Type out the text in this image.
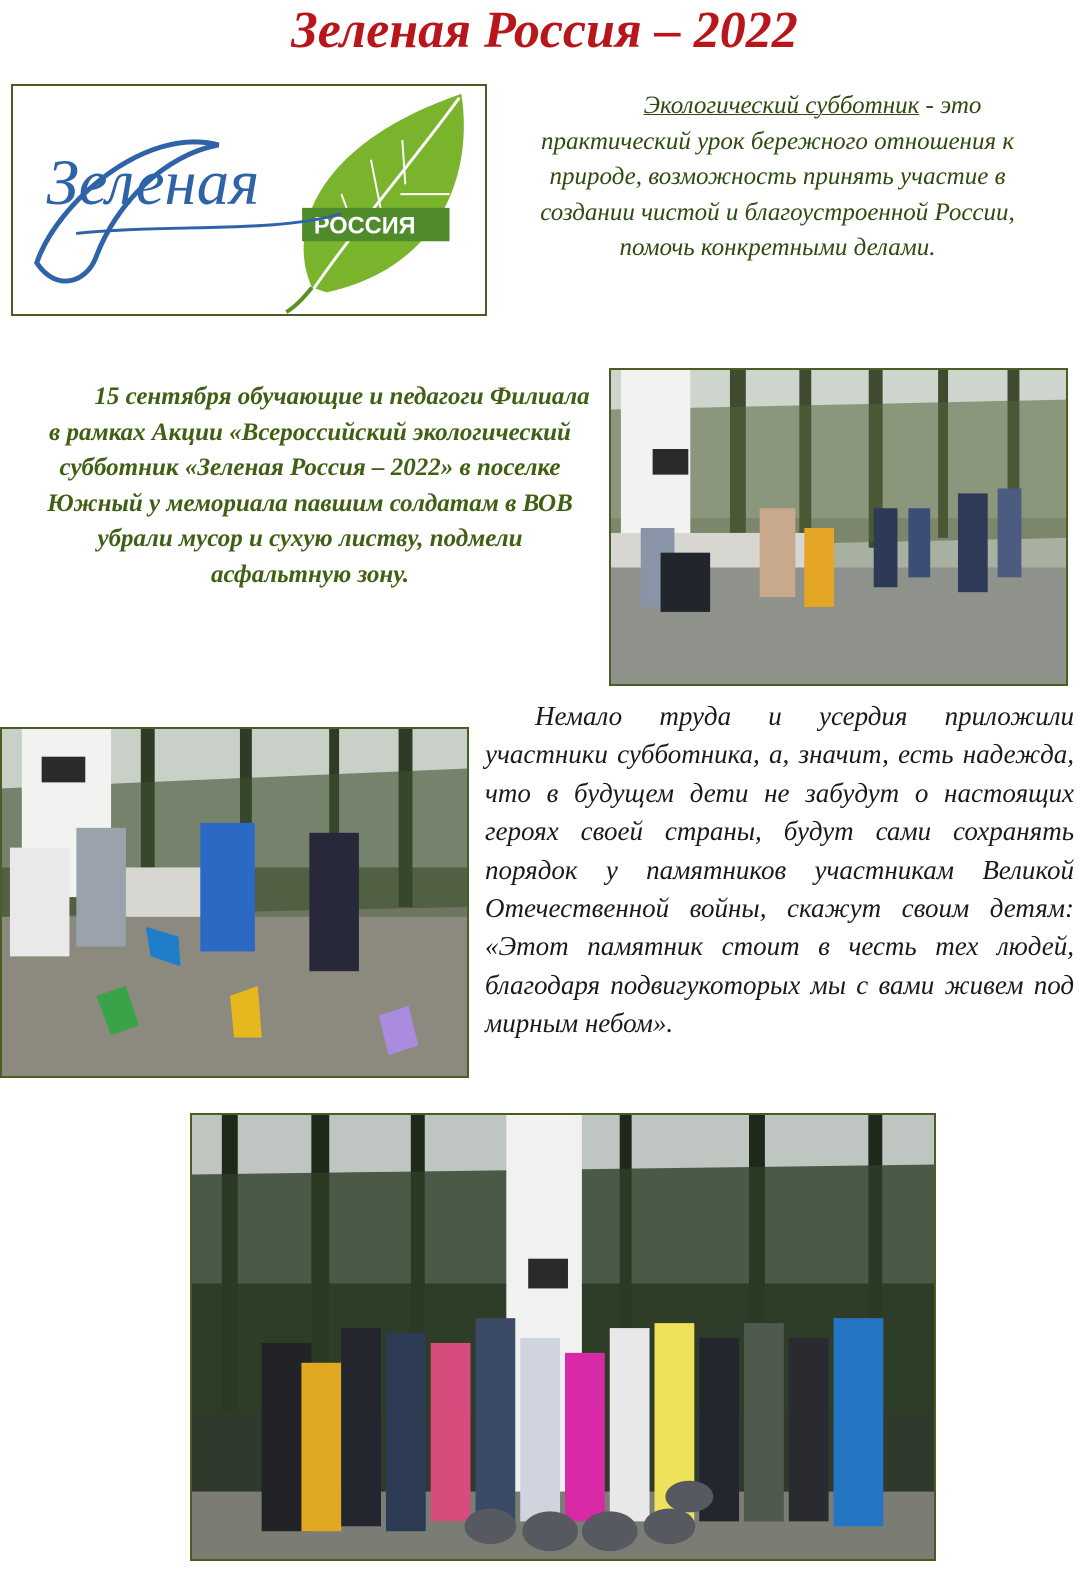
Зеленая Россия – 2022
РОССИЯ
Зеленая
Экологический субботник - это практический урок бережного отношения к природе, возможность принять участие в создании чистой и благоустроенной России, помочь конкретными делами.
15 сентября обучающие и педагоги Филиала в рамках Акции «Всероссийский экологический субботник «Зеленая Россия – 2022» в поселке Южный у мемориала павшим солдатам в ВОВ убрали мусор и сухую листву, подмели асфальтную зону.
Немало труда и усердия приложили участники субботника, а, значит, есть надежда, что в будущем дети не забудут о настоящих героях своей страны, будут сами сохранять порядок у памятников участникам Великой Отечественной войны, скажут своим детям: «Этот памятник стоит в честь тех людей, благодаря подвигукоторых мы с вами живем под мирным небом».
